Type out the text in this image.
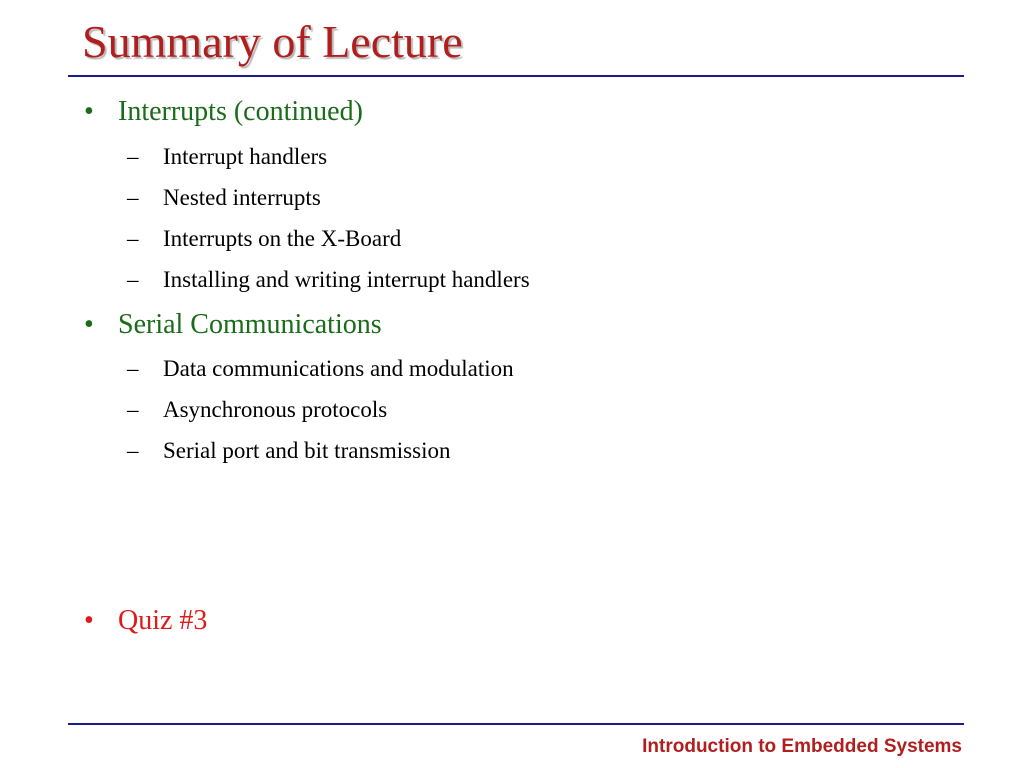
Summary of Lecture
• Interrupts (continued)
– Interrupt handlers
– Nested interrupts
– Interrupts on the X-Board
– Installing and writing interrupt handlers
• Serial Communications
– Data communications and modulation
– Asynchronous protocols
– Serial port and bit transmission
• Quiz #3
Introduction to Embedded Systems
